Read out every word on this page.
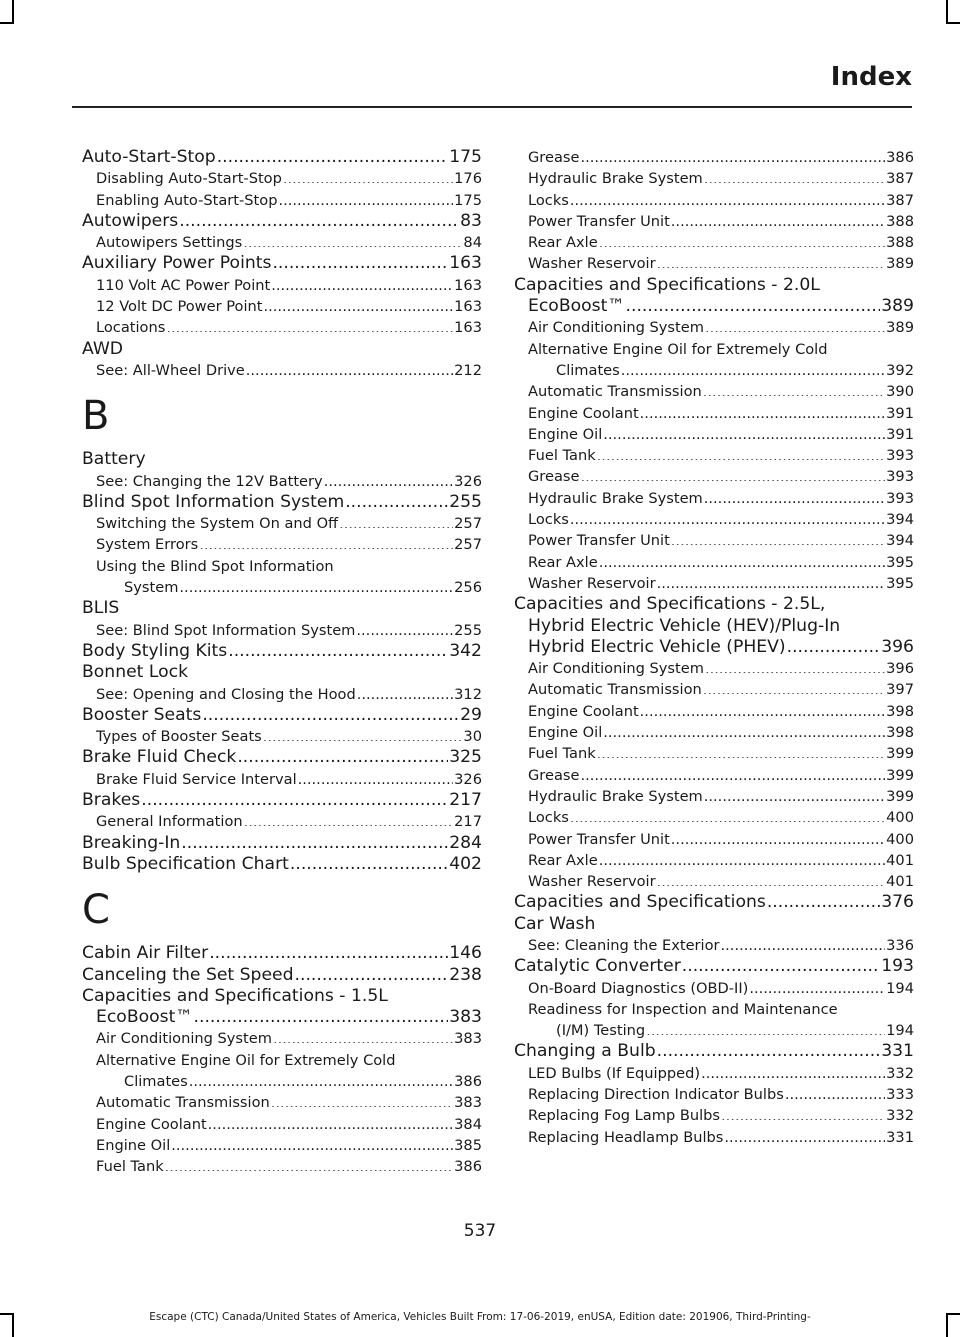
Index
Auto-Start-Stop .....	175
Disabling Auto-Start-Stop .....	176
Enabling Auto-Start-Stop .....	175
Autowipers .....	83
Autowipers Settings .....	84
Auxiliary Power Points .....	163
110 Volt AC Power Point .....	163
12 Volt DC Power Point .....	163
Locations .....	163
AWD
See: All-Wheel Drive .....	212
B
Battery
See: Changing the 12V Battery .....	326
Blind Spot Information System .....	255
Switching the System On and Off .....	257
System Errors .....	257
Using the Blind Spot Information
System .....	256
BLIS
See: Blind Spot Information System .....	255
Body Styling Kits .....	342
Bonnet Lock
See: Opening and Closing the Hood .....	312
Booster Seats .....	29
Types of Booster Seats .....	30
Brake Fluid Check .....	325
Brake Fluid Service Interval .....	326
Brakes .....	217
General Information .....	217
Breaking-In .....	284
Bulb Specification Chart .....	402
C
Cabin Air Filter .....	146
Canceling the Set Speed .....	238
Capacities and Specifications - 1.5L
EcoBoost™ .....	383
Air Conditioning System .....	383
Alternative Engine Oil for Extremely Cold
Climates .....	386
Automatic Transmission .....	383
Engine Coolant .....	384
Engine Oil .....	385
Fuel Tank .....	386
Grease .....	386
Hydraulic Brake System .....	387
Locks .....	387
Power Transfer Unit .....	388
Rear Axle .....	388
Washer Reservoir .....	389
Capacities and Specifications - 2.0L
EcoBoost™ .....	389
Air Conditioning System .....	389
Alternative Engine Oil for Extremely Cold
Climates .....	392
Automatic Transmission .....	390
Engine Coolant .....	391
Engine Oil .....	391
Fuel Tank .....	393
Grease .....	393
Hydraulic Brake System .....	393
Locks .....	394
Power Transfer Unit .....	394
Rear Axle .....	395
Washer Reservoir .....	395
Capacities and Specifications - 2.5L,
Hybrid Electric Vehicle (HEV)/Plug-In
Hybrid Electric Vehicle (PHEV) .....	396
Air Conditioning System .....	396
Automatic Transmission .....	397
Engine Coolant .....	398
Engine Oil .....	398
Fuel Tank .....	399
Grease .....	399
Hydraulic Brake System .....	399
Locks .....	400
Power Transfer Unit .....	400
Rear Axle .....	401
Washer Reservoir .....	401
Capacities and Specifications .....	376
Car Wash
See: Cleaning the Exterior .....	336
Catalytic Converter .....	193
On-Board Diagnostics (OBD-II) .....	194
Readiness for Inspection and Maintenance
(I/M) Testing .....	194
Changing a Bulb .....	331
LED Bulbs (If Equipped) .....	332
Replacing Direction Indicator Bulbs .....	333
Replacing Fog Lamp Bulbs .....	332
Replacing Headlamp Bulbs .....	331
537
Escape (CTC) Canada/United States of America, Vehicles Built From: 17-06-2019, enUSA, Edition date: 201906, Third-Printing-
